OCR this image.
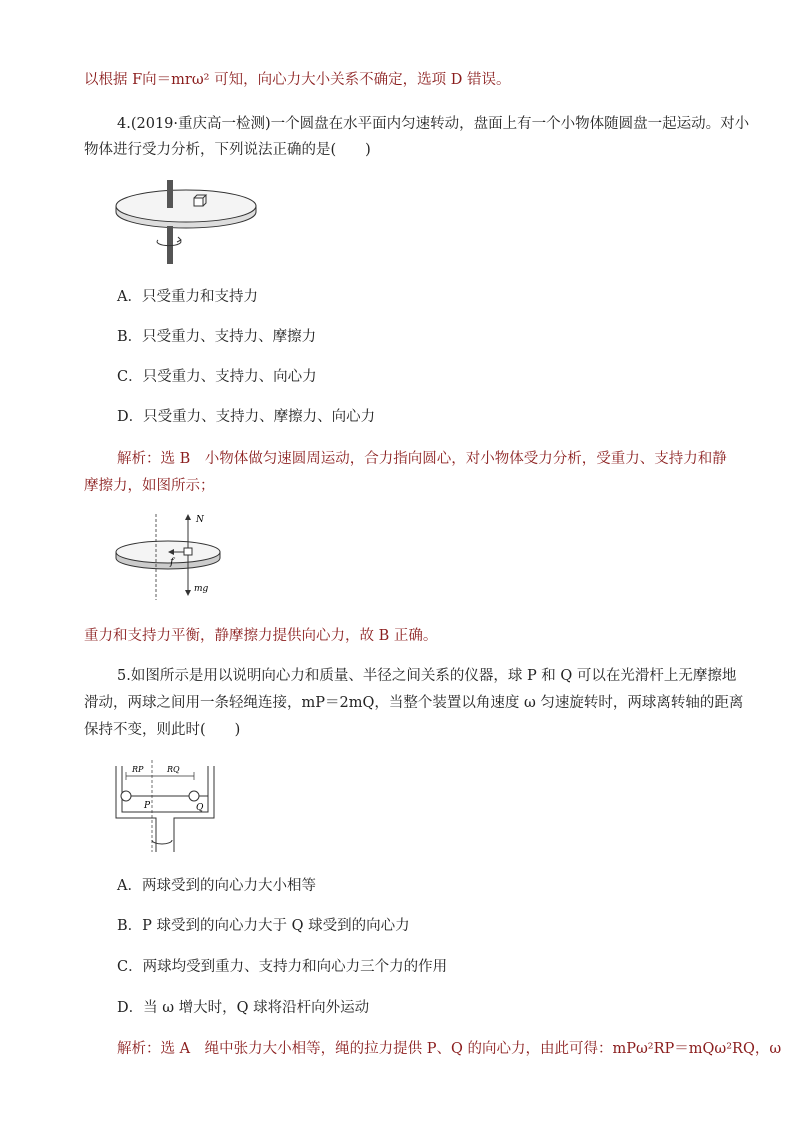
以根据 F向＝mrω² 可知，向心力大小关系不确定，选项 D 错误。
4.(2019·重庆高一检测)一个圆盘在水平面内匀速转动，盘面上有一个小物体随圆盘一起运动。对小
物体进行受力分析，下列说法正确的是(　　)
A．只受重力和支持力
B．只受重力、支持力、摩擦力
C．只受重力、支持力、向心力
D．只受重力、支持力、摩擦力、向心力
解析：选 B　小物体做匀速圆周运动，合力指向圆心，对小物体受力分析，受重力、支持力和静
摩擦力，如图所示；
N
f
mg
重力和支持力平衡，静摩擦力提供向心力，故 B 正确。
5.如图所示是用以说明向心力和质量、半径之间关系的仪器，球 P 和 Q 可以在光滑杆上无摩擦地
滑动，两球之间用一条轻绳连接，mP＝2mQ，当整个装置以角速度 ω 匀速旋转时，两球离转轴的距离
保持不变，则此时(　　)
RP	RQ
P	Q
A．两球受到的向心力大小相等
B．P 球受到的向心力大于 Q 球受到的向心力
C．两球均受到重力、支持力和向心力三个力的作用
D．当 ω 增大时，Q 球将沿杆向外运动
解析：选 A　绳中张力大小相等，绳的拉力提供 P、Q 的向心力，由此可得：mPω²RP＝mQω²RQ，ω
